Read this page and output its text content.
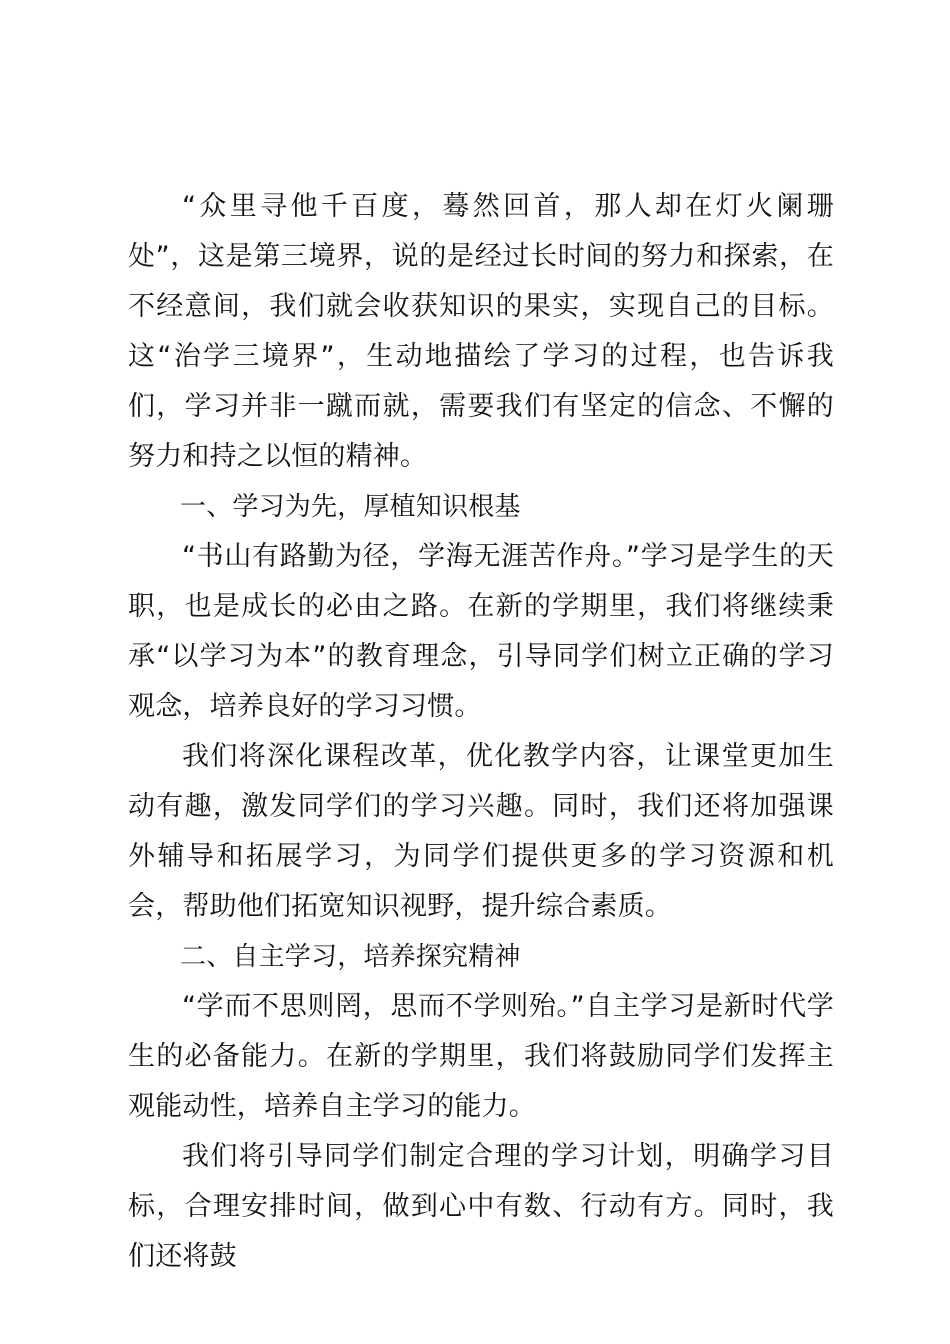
“众里寻他千百度，蓦然回首，那人却在灯火阑珊处”，这是第三境界，说的是经过长时间的努力和探索，在不经意间，我们就会收获知识的果实，实现自己的目标。这“治学三境界”，生动地描绘了学习的过程，也告诉我们，学习并非一蹴而就，需要我们有坚定的信念、不懈的努力和持之以恒的精神。

一、学习为先，厚植知识根基

“书山有路勤为径，学海无涯苦作舟。”学习是学生的天职，也是成长的必由之路。在新的学期里，我们将继续秉承“以学习为本”的教育理念，引导同学们树立正确的学习观念，培养良好的学习习惯。

我们将深化课程改革，优化教学内容，让课堂更加生动有趣，激发同学们的学习兴趣。同时，我们还将加强课外辅导和拓展学习，为同学们提供更多的学习资源和机会，帮助他们拓宽知识视野，提升综合素质。

二、自主学习，培养探究精神

“学而不思则罔，思而不学则殆。”自主学习是新时代学生的必备能力。在新的学期里，我们将鼓励同学们发挥主观能动性，培养自主学习的能力。

我们将引导同学们制定合理的学习计划，明确学习目标，合理安排时间，做到心中有数、行动有方。同时，我们还将鼓
